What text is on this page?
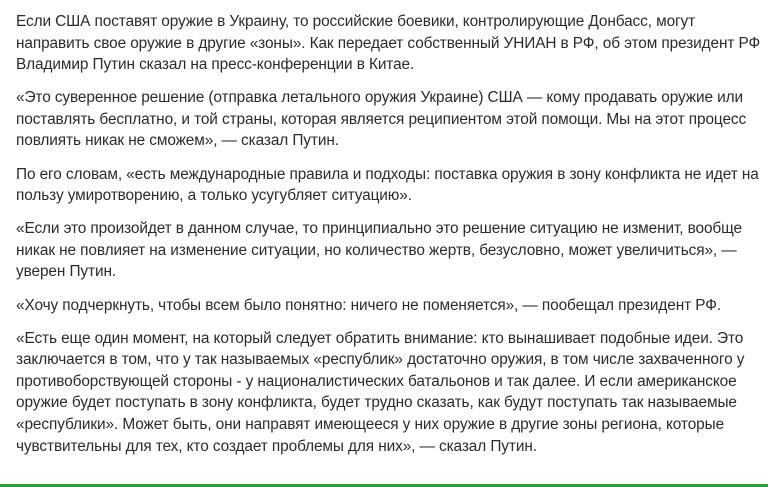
Если США поставят оружие в Украину, то российские боевики, контролирующие Донбасс, могут направить свое оружие в другие «зоны». Как передает собственный УНИАН в РФ, об этом президент РФ Владимир Путин сказал на пресс-конференции в Китае.

«Это суверенное решение (отправка летального оружия Украине) США — кому продавать оружие или поставлять бесплатно, и той страны, которая является реципиентом этой помощи. Мы на этот процесс повлиять никак не сможем», — сказал Путин.

По его словам, «есть международные правила и подходы: поставка оружия в зону конфликта не идет на пользу умиротворению, а только усугубляет ситуацию».

«Если это произойдет в данном случае, то принципиально это решение ситуацию не изменит, вообще никак не повлияет на изменение ситуации, но количество жертв, безусловно, может увеличиться», — уверен Путин.

«Хочу подчеркнуть, чтобы всем было понятно: ничего не поменяется», — пообещал президент РФ.

«Есть еще один момент, на который следует обратить внимание: кто вынашивает подобные идеи. Это заключается в том, что у так называемых «республик» достаточно оружия, в том числе захваченного у противоборствующей стороны - у националистических батальонов и так далее. И если американское оружие будет поступать в зону конфликта, будет трудно сказать, как будут поступать так называемые «республики». Может быть, они направят имеющееся у них оружие в другие зоны региона, которые чувствительны для тех, кто создает проблемы для них», — сказал Путин.
